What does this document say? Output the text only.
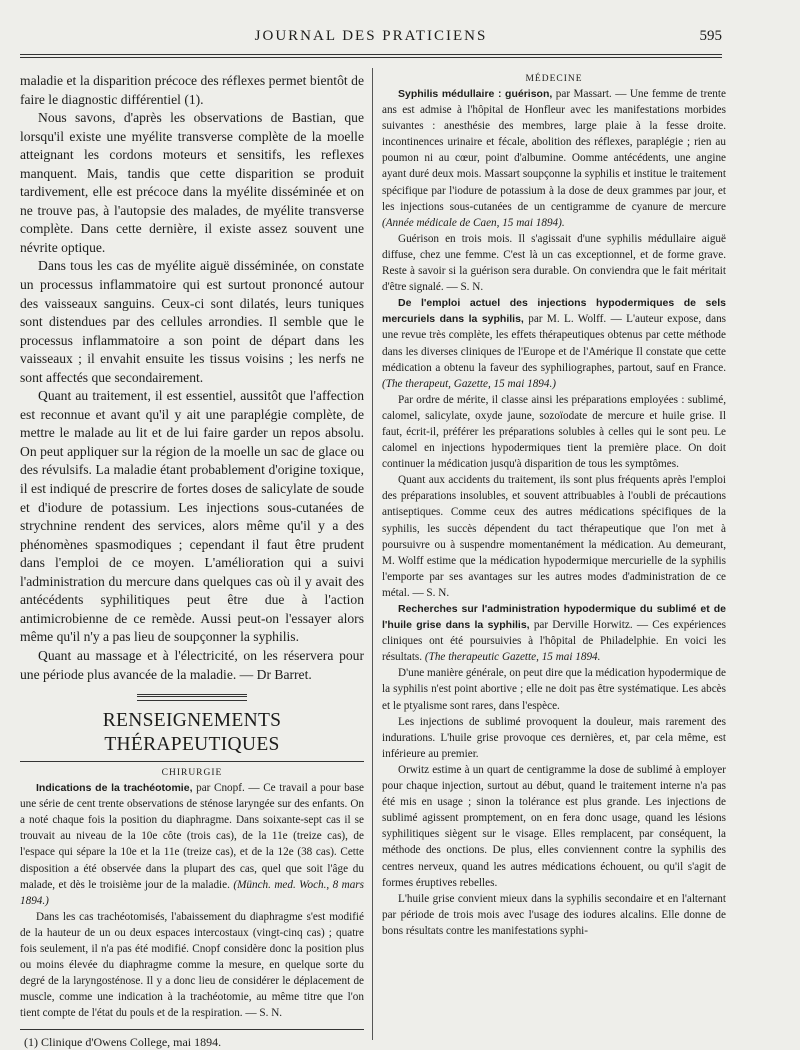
JOURNAL DES PRATICIENS	595

maladie et la disparition précoce des réflexes permet bientôt de faire le diagnostic différentiel (1).

Nous savons, d'après les observations de Bastian, que lorsqu'il existe une myélite transverse complète de la moelle atteignant les cordons moteurs et sensitifs, les reflexes manquent. Mais, tandis que cette disparition se produit tardivement, elle est précoce dans la myélite disséminée et on ne trouve pas, à l'autopsie des malades, de myélite transverse complète. Dans cette dernière, il existe assez souvent une névrite optique.

Dans tous les cas de myélite aiguë disséminée, on constate un processus inflammatoire qui est surtout prononcé autour des vaisseaux sanguins. Ceux-ci sont dilatés, leurs tuniques sont distendues par des cellules arrondies. Il semble que le processus inflammatoire a son point de départ dans les vaisseaux ; il envahit ensuite les tissus voisins ; les nerfs ne sont affectés que secondairement.

Quant au traitement, il est essentiel, aussitôt que l'affection est reconnue et avant qu'il y ait une paraplégie complète, de mettre le malade au lit et de lui faire garder un repos absolu. On peut appliquer sur la région de la moelle un sac de glace ou des révulsifs. La maladie étant probablement d'origine toxique, il est indiqué de prescrire de fortes doses de salicylate de soude et d'iodure de potassium. Les injections sous-cutanées de strychnine rendent des services, alors même qu'il y a des phénomènes spasmodiques ; cependant il faut être prudent dans l'emploi de ce moyen. L'amélioration qui a suivi l'administration du mercure dans quelques cas où il y avait des antécédents syphilitiques peut être due à l'action antimicrobienne de ce remède. Aussi peut-on l'essayer alors même qu'il n'y a pas lieu de soupçonner la syphilis.

Quant au massage et à l'électricité, on les réservera pour une période plus avancée de la maladie. — Dr Barret.

RENSEIGNEMENTS THÉRAPEUTIQUES
CHIRURGIE

Indications de la trachéotomie, par Cnopf. — Ce travail a pour base une série de cent trente observations de sténose laryngée sur des enfants. On a noté chaque fois la position du diaphragme. Dans soixante-sept cas il se trouvait au niveau de la 10e côte (trois cas), de la 11e (treize cas), de l'espace qui sépare la 10e et la 11e (treize cas), et de la 12e (38 cas). Cette disposition a été observée dans la plupart des cas, quel que soit l'âge du malade, et dès le troisième jour de la maladie. (Münch. med. Woch., 8 mars 1894.)

Dans les cas trachéotomisés, l'abaissement du diaphragme s'est modifié de la hauteur de un ou deux espaces intercostaux (vingt-cinq cas) ; quatre fois seulement, il n'a pas été modifié. Cnopf considère donc la position plus ou moins élevée du diaphragme comme la mesure, en quelque sorte du degré de la laryngosténose. Il y a donc lieu de considérer le déplacement de muscle, comme une indication à la trachéotomie, au même titre que l'on tient compte de l'état du pouls et de la respiration. — S. N.

(1) Clinique d'Owens College, mai 1894.
MÉDECINE

Syphilis médullaire : guérison, par Massart. — Une femme de trente ans est admise à l'hôpital de Honfleur avec les manifestations morbides suivantes : anesthésie des membres, large plaie à la fesse droite. incontinences urinaire et fécale, abolition des réflexes, paraplégie ; rien au poumon ni au cœur, point d'albumine. Oomme antécédents, une angine ayant duré deux mois. Massart soupçonne la syphilis et institue le traitement spécifique par l'iodure de potassium à la dose de deux grammes par jour, et les injections sous-cutanées de un centigramme de cyanure de mercure (Année médicale de Caen, 15 mai 1894).

Guérison en trois mois. Il s'agissait d'une syphilis médullaire aiguë diffuse, chez une femme. C'est là un cas exceptionnel, et de forme grave. Reste à savoir si la guérison sera durable. On conviendra que le fait méritait d'être signalé. — S. N.

De l'emploi actuel des injections hypodermiques de sels mercuriels dans la syphilis, par M. L. Wolff. — L'auteur expose, dans une revue très complète, les effets thérapeutiques obtenus par cette méthode dans les diverses cliniques de l'Europe et de l'Amérique Il constate que cette médication a obtenu la faveur des syphiliographes, partout, sauf en France. (The therapeut, Gazette, 15 mai 1894.)

Par ordre de mérite, il classe ainsi les préparations employées : sublimé, calomel, salicylate, oxyde jaune, sozoïodate de mercure et huile grise. Il faut, écrit-il, préférer les préparations solubles à celles qui le sont peu. Le calomel en injections hypodermiques tient la première place. On doit continuer la médication jusqu'à disparition de tous les symptômes.

Quant aux accidents du traitement, ils sont plus fréquents après l'emploi des préparations insolubles, et souvent attribuables à l'oubli de précautions antiseptiques. Comme ceux des autres médications spécifiques de la syphilis, les succès dépendent du tact thérapeutique que l'on met à poursuivre ou à suspendre momentanément la médication. Au demeurant, M. Wolff estime que la médication hypodermique mercurielle de la syphilis l'emporte par ses avantages sur les autres modes d'administration de ce métal. — S. N.

Recherches sur l'administration hypodermique du sublimé et de l'huile grise dans la syphilis, par Derville Horwitz. — Ces expériences cliniques ont été poursuivies à l'hôpital de Philadelphie. En voici les résultats. (The therapeutic Gazette, 15 mai 1894.

D'une manière générale, on peut dire que la médication hypodermique de la syphilis n'est point abortive ; elle ne doit pas être systématique. Les abcès et le ptyalisme sont rares, dans l'espèce.

Les injections de sublimé provoquent la douleur, mais rarement des indurations. L'huile grise provoque ces dernières, et, par cela même, est inférieure au premier.

Orwitz estime à un quart de centigramme la dose de sublimé à employer pour chaque injection, surtout au début, quand le traitement interne n'a pas été mis en usage ; sinon la tolérance est plus grande. Les injections de sublimé agissent promptement, on en fera donc usage, quand les lésions syphilitiques siègent sur le visage. Elles remplacent, par conséquent, la méthode des onctions. De plus, elles conviennent contre la syphilis des centres nerveux, quand les autres médications échouent, ou qu'il s'agit de formes éruptives rebelles.

L'huile grise convient mieux dans la syphilis secondaire et en l'alternant par période de trois mois avec l'usage des iodures alcalins. Elle donne de bons résultats contre les manifestations syphi-
